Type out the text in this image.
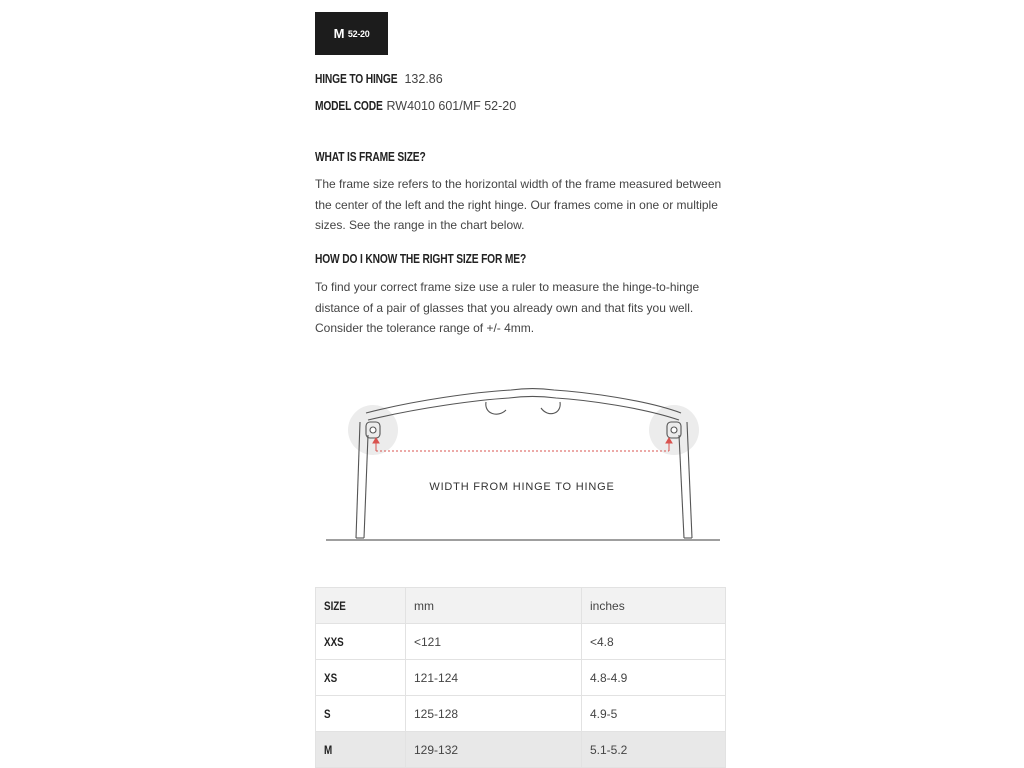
M 52-20
HINGE TO HINGE 132.86
MODEL CODE RW4010 601/MF 52-20
WHAT IS FRAME SIZE?
The frame size refers to the horizontal width of the frame measured between the center of the left and the right hinge. Our frames come in one or multiple sizes. See the range in the chart below.
HOW DO I KNOW THE RIGHT SIZE FOR ME?
To find your correct frame size use a ruler to measure the hinge-to-hinge distance of a pair of glasses that you already own and that fits you well. Consider the tolerance range of +/- 4mm.
WIDTH FROM HINGE TO HINGE
SIZE	mm	inches
XXS	<121	<4.8
XS	121-124	4.8-4.9
S	125-128	4.9-5
M	129-132	5.1-5.2
